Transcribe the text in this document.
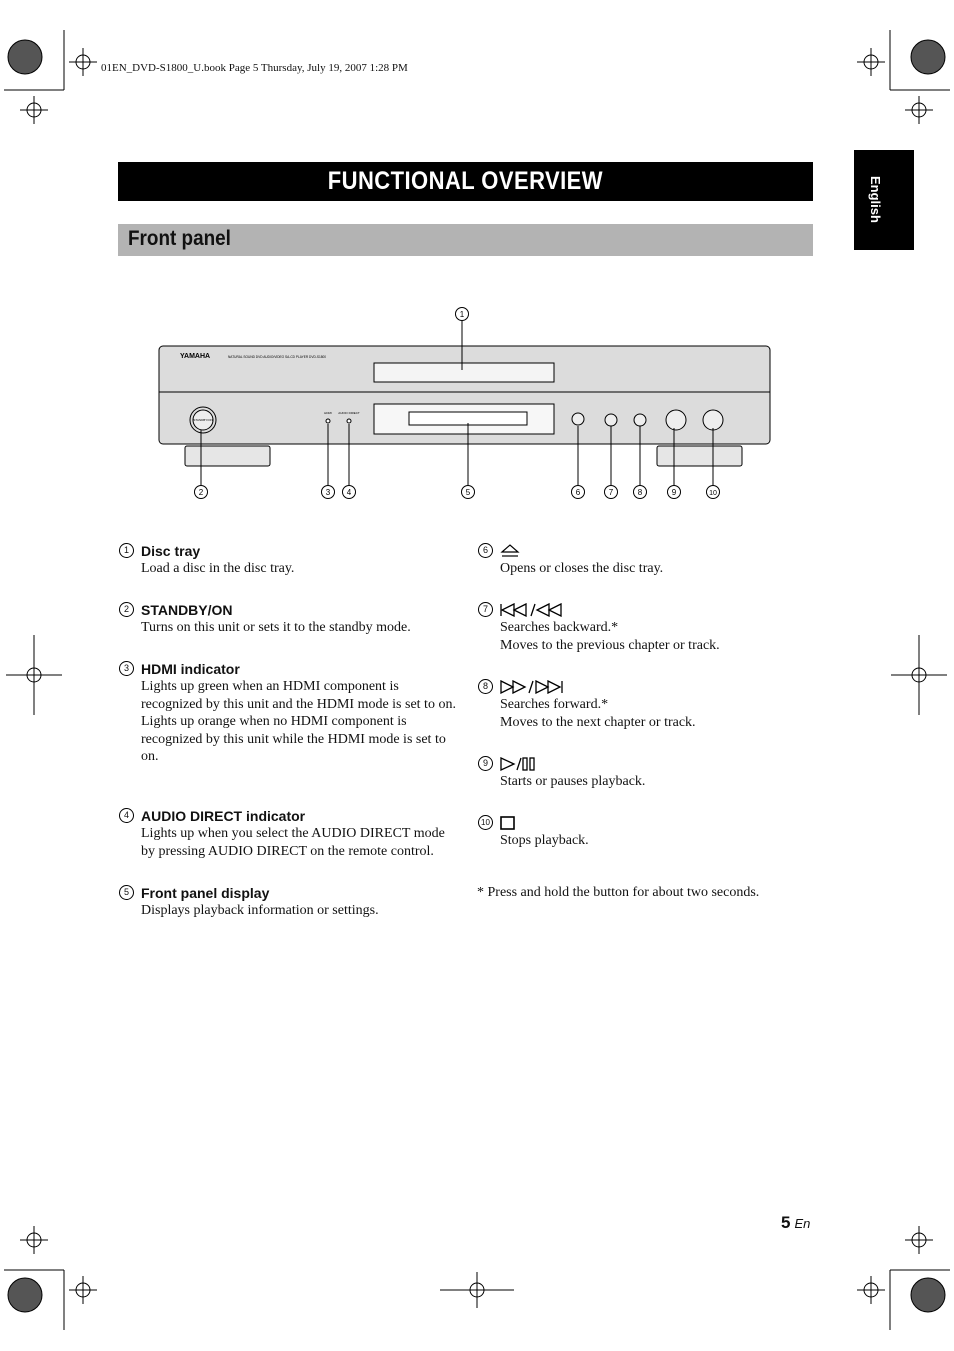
01EN_DVD-S1800_U.book Page 5 Thursday, July 19, 2007 1:28 PM
FUNCTIONAL OVERVIEW
Front panel
English
YAMAHA	NATURAL SOUND DVD AUDIO/VIDEO SA-CD PLAYER DVD-S1800
STANDBY/ON
HDMI AUDIO DIRECT
1
2	3 4	5	6	7	8	9	10
1 Disc tray
Load a disc in the disc tray.
2 STANDBY/ON
Turns on this unit or sets it to the standby mode.
3 HDMI indicator
Lights up green when an HDMI component is recognized by this unit and the HDMI mode is set to on.
Lights up orange when no HDMI component is recognized by this unit while the HDMI mode is set to on.
4 AUDIO DIRECT indicator
Lights up when you select the AUDIO DIRECT mode by pressing AUDIO DIRECT on the remote control.
5 Front panel display
Displays playback information or settings.
6
Opens or closes the disc tray.
7
Searches backward.*
Moves to the previous chapter or track.
8
Searches forward.*
Moves to the next chapter or track.
9
Starts or pauses playback.
10
Stops playback.
* Press and hold the button for about two seconds.
5 En
